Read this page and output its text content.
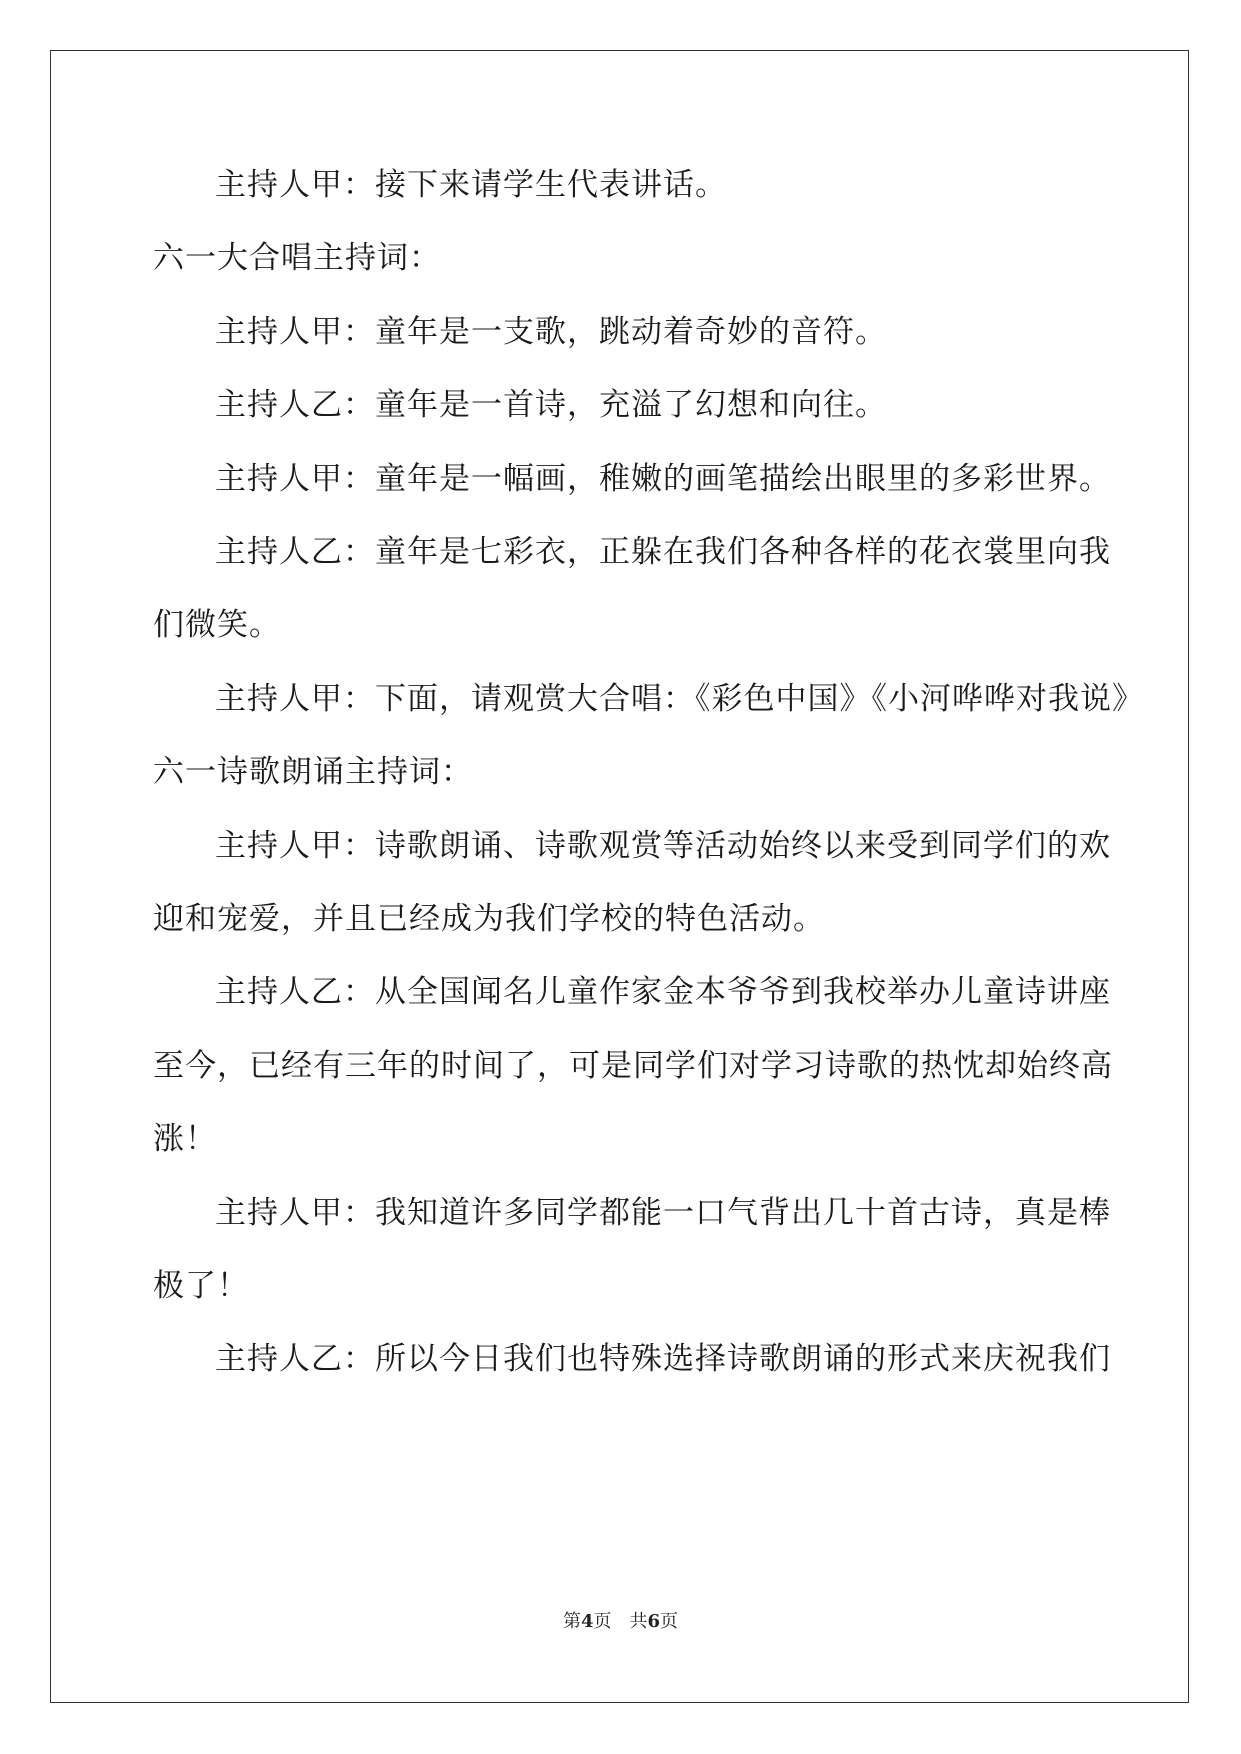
主持人甲：接下来请学生代表讲话。
六一大合唱主持词：
主持人甲：童年是一支歌，跳动着奇妙的音符。
主持人乙：童年是一首诗，充溢了幻想和向往。
主持人甲：童年是一幅画，稚嫩的画笔描绘出眼里的多彩世界。
主持人乙：童年是七彩衣，正躲在我们各种各样的花衣裳里向我
们微笑。
主持人甲：下面，请观赏大合唱：《彩色中国》《小河哗哗对我说》
六一诗歌朗诵主持词：
主持人甲：诗歌朗诵、诗歌观赏等活动始终以来受到同学们的欢
迎和宠爱，并且已经成为我们学校的特色活动。
主持人乙：从全国闻名儿童作家金本爷爷到我校举办儿童诗讲座
至今，已经有三年的时间了，可是同学们对学习诗歌的热忱却始终高
涨！
主持人甲：我知道许多同学都能一口气背出几十首古诗，真是棒
极了！
主持人乙：所以今日我们也特殊选择诗歌朗诵的形式来庆祝我们
第4页 共6页
